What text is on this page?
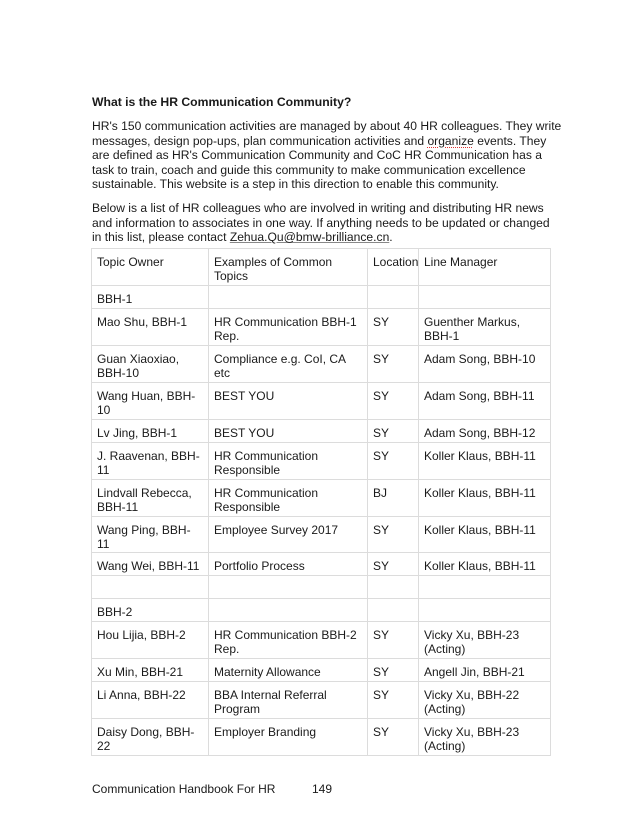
What is the HR Communication Community?

HR's 150 communication activities are managed by about 40 HR colleagues. They write messages, design pop-ups, plan communication activities and organize events. They are defined as HR's Communication Community and CoC HR Communication has a task to train, coach and guide this community to make communication excellence sustainable. This website is a step in this direction to enable this community.

Below is a list of HR colleagues who are involved in writing and distributing HR news and information to associates in one way. If anything needs to be updated or changed in this list, please contact Zehua.Qu@bmw-brilliance.cn.

Topic Owner	Examples of Common Topics	Location	Line Manager
BBH-1			
Mao Shu, BBH-1	HR Communication BBH-1 Rep.	SY	Guenther Markus, BBH-1
Guan Xiaoxiao, BBH-10	Compliance e.g. CoI, CA etc	SY	Adam Song, BBH-10
Wang Huan, BBH-10	BEST YOU	SY	Adam Song, BBH-11
Lv Jing, BBH-1	BEST YOU	SY	Adam Song, BBH-12
J. Raavenan, BBH-11	HR Communication Responsible	SY	Koller Klaus, BBH-11
Lindvall Rebecca, BBH-11	HR Communication Responsible	BJ	Koller Klaus, BBH-11
Wang Ping, BBH-11	Employee Survey 2017	SY	Koller Klaus, BBH-11
Wang Wei, BBH-11	Portfolio Process	SY	Koller Klaus, BBH-11

BBH-2			
Hou Lijia, BBH-2	HR Communication BBH-2 Rep.	SY	Vicky Xu, BBH-23 (Acting)
Xu Min, BBH-21	Maternity Allowance	SY	Angell Jin, BBH-21
Li Anna, BBH-22	BBA Internal Referral Program	SY	Vicky Xu, BBH-22 (Acting)
Daisy Dong, BBH-22	Employer Branding	SY	Vicky Xu, BBH-23 (Acting)
Communication Handbook For HR	149
